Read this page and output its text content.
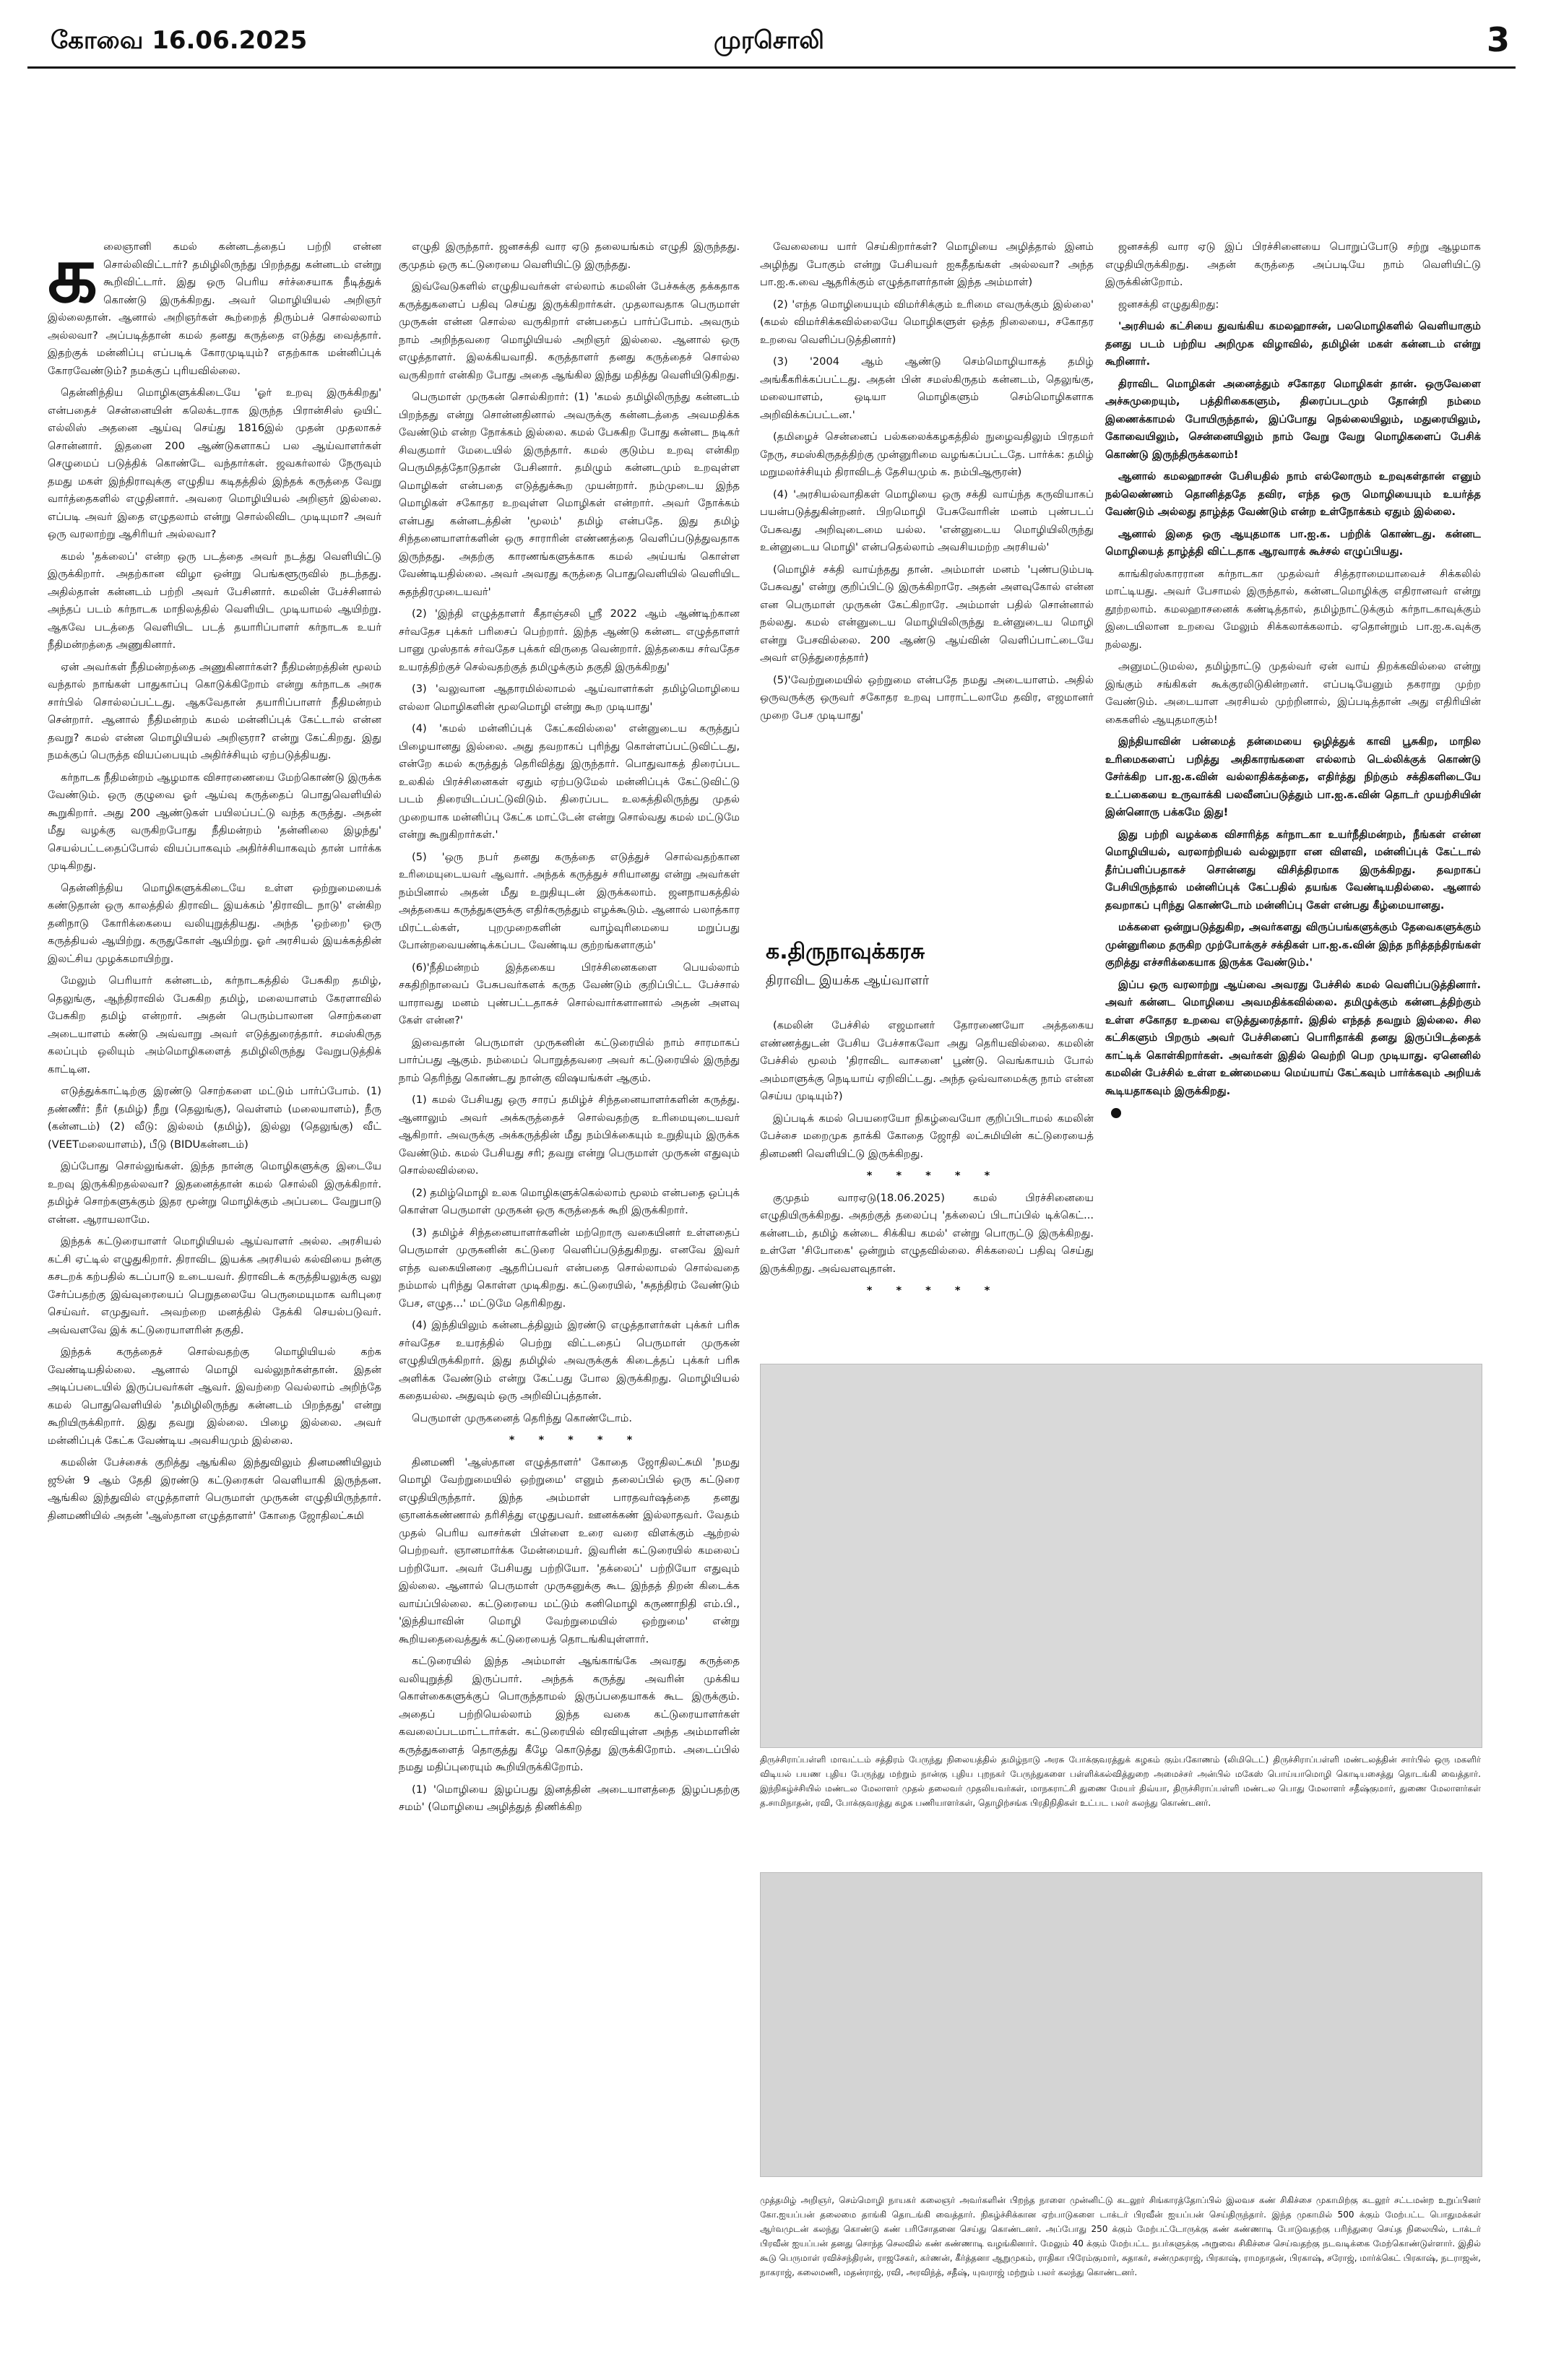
கோவை 16.06.2025	முரசொலி	3
க லைஞானி கமல் கன்னடத்தைப் பற்றி என்ன சொல்லிவிட்டார்? தமிழிலிருந்து பிறந்தது கன்னடம் என்று கூறிவிட்டார். இது ஒரு பெரிய சர்ச்சையாக நீடித்துக் கொண்டு இருக்கிறது. அவர் மொழியியல் அறிஞர் இல்லைதான். ஆனால் அறிஞர்கள் கூற்றைத் திரும்பச் சொல்லலாம் அல்லவா? அப்படித்தான் கமல் தனது கருத்தை எடுத்து வைத்தார். இதற்குக் மன்னிப்பு எப்படிக் கோரமுடியும்? எதற்காக மன்னிப்புக் கோரவேண்டும்? நமக்குப் புரியவில்லை.

தென்னிந்திய மொழிகளுக்கிடையே 'ஓர் உறவு இருக்கிறது' என்பதைச் சென்னையின் கலெக்டராக இருந்த பிரான்சிஸ் ஒயிட் எல்லிஸ் அதனை ஆய்வு செய்து 1816இல் முதன் முதலாகச் சொன்னார். இதனை 200 ஆண்டுகளாகப் பல ஆய்வாளர்கள் செழுமைப் படுத்திக் கொண்டே வந்தார்கள். ஜவகர்லால் நேருவும் தமது மகள் இந்திராவுக்கு எழுதிய கடிதத்தில் இந்தக் கருத்தை வேறு வார்த்தைகளில் எழுதினார். அவரை மொழியியல் அறிஞர் இல்லை. எப்படி அவர் இதை எழுதலாம் என்று சொல்லிவிட முடியுமா? அவர் ஒரு வரலாற்று ஆசிரியர் அல்லவா?

கமல் 'தக்லைப்' என்ற ஒரு படத்தை அவர் நடத்து வெளியிட்டு இருக்கிறார். அதற்கான விழா ஒன்று பெங்களூருவில் நடந்தது. அதில்தான் கன்னடம் பற்றி அவர் பேசினார். கமலின் பேச்சினால் அந்தப் படம் கர்நாடக மாநிலத்தில் வெளியிட முடியாமல் ஆயிற்று. ஆகவே படத்தை வெளியிட படத் தயாரிப்பாளர் கர்நாடக உயர் நீதிமன்றத்தை அணுகினார்.

ஏன் அவர்கள் நீதிமன்றத்தை அணுகினார்கள்? நீதிமன்றத்தின் மூலம் வந்தால் நாங்கள் பாதுகாப்பு கொடுக்கிறோம் என்று கர்நாடக அரசு சார்பில் சொல்லப்பட்டது. ஆகவேதான் தயாரிப்பாளர் நீதிமன்றம் சென்றார். ஆனால் நீதிமன்றம் கமல் மன்னிப்புக் கேட்டால் என்ன தவறு? கமல் என்ன மொழியியல் அறிஞரா? என்று கேட்கிறது. இது நமக்குப் பெருத்த வியப்பையும் அதிர்ச்சியும் ஏற்படுத்தியது.

கர்நாடக நீதிமன்றம் ஆழமாக விசாரணையை மேற்கொண்டு இருக்க வேண்டும். ஒரு குழுவை ஓர் ஆய்வு கருத்தைப் பொதுவெளியில் கூறுகிறார். அது 200 ஆண்டுகள் பயிலப்பட்டு வந்த கருத்து. அதன் மீது வழக்கு வருகிறபோது நீதிமன்றம் 'தன்னிலை இழந்து' செயல்பட்டதைப்போல் வியப்பாகவும் அதிர்ச்சியாகவும் தான் பார்க்க முடிகிறது.

தென்னிந்திய மொழிகளுக்கிடையே உள்ள ஒற்றுமையைக் கண்டுதான் ஒரு காலத்தில் திராவிட இயக்கம் 'திராவிட நாடு' என்கிற தனிநாடு கோரிக்கையை வலியுறுத்தியது. அந்த 'ஒற்றை' ஒரு கருத்தியல் ஆயிற்று. கருதுகோள் ஆயிற்று. ஓர் அரசியல் இயக்கத்தின் இலட்சிய முழக்கமாயிற்று.

மேலும் பெரியார் கன்னடம், கர்நாடகத்தில் பேசுகிற தமிழ், தெலுங்கு, ஆந்திராவில் பேசுகிற தமிழ், மலையாளம் கேரளாவில் பேசுகிற தமிழ் என்றார். அதன் பெரும்பாலான சொற்களை அடையாளம் கண்டு அவ்வாறு அவர் எடுத்துரைத்தார். சமஸ்கிருத கலப்பும் ஒலியும் அம்மொழிகளைத் தமிழிலிருந்து வேறுபடுத்திக் காட்டின.

எடுத்துக்காட்டிற்கு இரண்டு சொற்களை மட்டும் பார்ப்போம். (1) தண்ணீர்: நீர் (தமிழ்) நீறு (தெலுங்கு), வெள்ளம் (மலையாளம்), நீரு (கன்னடம்) (2) வீடு: இல்லம் (தமிழ்), இல்லு (தெலுங்கு) வீட் (VEETமலையாளம்), பீடு (BIDUகன்னடம்)

இப்போது சொல்லுங்கள். இந்த நான்கு மொழிகளுக்கு இடையே உறவு இருக்கிறதல்லவா? இதனைத்தான் கமல் சொல்லி இருக்கிறார். தமிழ்ச் சொற்களுக்கும் இதர மூன்று மொழிக்கும் அப்படை வேறுபாடு என்ன. ஆராயலாமே.

இந்தக் கட்டுரையாளர் மொழியியல் ஆய்வாளர் அல்ல. அரசியல் கட்சி ஏட்டில் எழுதுகிறார். திராவிட இயக்க அரசியல் கல்வியை நன்கு கசடறக் கற்பதில் கடப்பாடு உடையவர். திராவிடக் கருத்தியலுக்கு வலு சேர்ப்பதற்கு இவ்வுரையைப் பெறுதலையே பெருமையுமாக வரிபுரை செய்வர். எமுதுவர். அவற்றை மனத்தில் தேக்கி செயல்படுவர். அவ்வளவே இக் கட்டுரையாளரின் தகுதி.

இந்தக் கருத்தைச் சொல்வதற்கு மொழியியல் கற்க வேண்டியதில்லை. ஆனால் மொழி வல்லுநர்கள்தான். இதன் அடிப்படையில் இருப்பவர்கள் ஆவர். இவற்றை வெல்லாம் அறிந்தே கமல் பொதுவெளியில் 'தமிழிலிருந்து கன்னடம் பிறந்தது' என்று கூறியிருக்கிறார். இது தவறு இல்லை. பிழை இல்லை. அவர் மன்னிப்புக் கேட்க வேண்டிய அவசியமும் இல்லை.

கமலின் பேச்சைக் குறித்து ஆங்கில இந்துவிலும் தினமணியிலும் ஜூன் 9 ஆம் தேதி இரண்டு கட்டுரைகள் வெளியாகி இருந்தன. ஆங்கில இந்துவில் எழுத்தாளர் பெருமாள் முருகன் எழுதியிருந்தார். தினமணியில் அதன் 'ஆஸ்தான எழுத்தாளர்' கோதை ஜோதிலட்சுமி

எழுதி இருந்தார். ஜனசக்தி வார ஏடு தலையங்கம் எழுதி இருந்தது. குமுதம் ஒரு கட்டுரையை வெளியிட்டு இருந்தது.

இவ்வேடுகளில் எழுதியவர்கள் எல்லாம் கமலின் பேச்சுக்கு தக்கதாக கருத்துகளைப் பதிவு செய்து இருக்கிறார்கள். முதலாவதாக பெருமாள் முருகன் என்ன சொல்ல வருகிறார் என்பதைப் பார்ப்போம். அவரும் நாம் அறிந்தவரை மொழியியல் அறிஞர் இல்லை. ஆனால் ஒரு எழுத்தாளர். இலக்கியவாதி. கருத்தாளர் தனது கருத்தைச் சொல்ல வருகிறார் என்கிற போது அதை ஆங்கில இந்து மதித்து வெளியிடுகிறது.

பெருமாள் முருகன் சொல்கிறார்: (1) 'கமல் தமிழிலிருந்து கன்னடம் பிறந்தது என்று சொன்னதினால் அவருக்கு கன்னடத்தை அவமதிக்க வேண்டும் என்ற நோக்கம் இல்லை. கமல் பேசுகிற போது கன்னட நடிகர் சிவகுமார் மேடையில் இருந்தார். கமல் குடும்ப உறவு என்கிற பெருமிதத்தோடுதான் பேசினார். தமிழும் கன்னடமும் உறவுள்ள மொழிகள் என்பதை எடுத்துக்கூற முயன்றார். நம்முடைய இந்த மொழிகள் சகோதர உறவுள்ள மொழிகள் என்றார். அவர் நோக்கம் என்பது கன்னடத்தின் 'மூலம்' தமிழ் என்பதே. இது தமிழ் சிந்தனையாளர்களின் ஒரு சாராரின் எண்ணத்தை வெளிப்படுத்துவதாக இருந்தது. அதற்கு காரணங்களுக்காக கமல் அய்யங் கொள்ள வேண்டியதில்லை. அவர் அவரது கருத்தை பொதுவெளியில் வெளியிட சுதந்திரமுடையவர்'

(2) 'இந்தி எழுத்தாளர் கீதாஞ்சலி ஸ்ரீ 2022 ஆம் ஆண்டிற்கான சர்வதேச புக்கர் பரிசைப் பெற்றார். இந்த ஆண்டு கன்னட எழுத்தாளர் பானு முஸ்தாக் சர்வதேச புக்கர் விருதை வென்றார். இத்தகைய சர்வதேச உயரத்திற்குச் செல்வதற்குத் தமிழுக்கும் தகுதி இருக்கிறது'

(3) 'வலுவான ஆதாரமில்லாமல் ஆய்வாளர்கள் தமிழ்மொழியை எல்லா மொழிகளின் மூலமொழி என்று கூற முடியாது'

(4) 'கமல் மன்னிப்புக் கேட்கவில்லை' என்னுடைய கருத்துப் பிழையானது இல்லை. அது தவறாகப் புரிந்து கொள்ளப்பட்டுவிட்டது, என்றே கமல் கருத்துத் தெரிவித்து இருந்தார். பொதுவாகத் திரைப்பட உலகில் பிரச்சினைகள் ஏதும் ஏற்படுமேல் மன்னிப்புக் கேட்டுவிட்டு படம் திரையிடப்பட்டுவிடும். திரைப்பட உலகத்திலிருந்து முதல் முறையாக மன்னிப்பு கேட்க மாட்டேன் என்று சொல்வது கமல் மட்டுமே என்று கூறுகிறார்கள்.'

(5) 'ஒரு நபர் தனது கருத்தை எடுத்துச் சொல்வதற்கான உரிமையுடையவர் ஆவார். அந்தக் கருத்துச் சரியானது என்று அவர்கள் நம்பினால் அதன் மீது உறுதியுடன் இருக்கலாம். ஜனநாயகத்தில் அத்தகைய கருத்துகளுக்கு எதிர்கருத்தும் எழக்கூடும். ஆனால் பலாத்கார மிரட்டல்கள், புறமுறைகளின் வாழ்வுரிமையை மறுப்பது போன்றவையண்டிக்கப்பட வேண்டிய குற்றங்களாகும்'

(6)'நீதிமன்றம் இத்தகைய பிரச்சினைகளை பெயல்லாம் சகதிறிநாவைப் பேசுபவர்களக் கருத வேண்டும் குறிப்பிட்ட பேச்சால் யாராவது மனம் புண்பட்டதாகச் சொல்வார்களானால் அதன் அளவு கேள் என்ன?'

இவைதான் பெருமாள் முருகனின் கட்டுரையில் நாம் சாரமாகப் பார்ப்பது ஆகும். நம்மைப் பொறுத்தவரை அவர் கட்டுரையில் இருந்து நாம் தெரிந்து கொண்டது நான்கு விஷயங்கள் ஆகும்.

(1) கமல் பேசியது ஒரு சாரப் தமிழ்ச் சிந்தனையாளர்களின் கருத்து. ஆனாலும் அவர் அக்கருத்தைச் சொல்வதற்கு உரிமையுடையவர் ஆகிறார். அவருக்கு அக்கருத்தின் மீது நம்பிக்கையும் உறுதியும் இருக்க வேண்டும். கமல் பேசியது சரி; தவறு என்று பெருமாள் முருகன் எதுவும் சொல்லவில்லை.

(2) தமிழ்மொழி உலக மொழிகளுக்கெல்லாம் மூலம் என்பதை ஒப்புக் கொள்ள பெருமாள் முருகன் ஒரு கருத்தைக் கூறி இருக்கிறார்.

(3) தமிழ்ச் சிந்தனையாளர்களின் மற்றொரு வகையினர் உள்ளதைப் பெருமாள் முருகனின் கட்டுரை வெளிப்படுத்துகிறது. எனவே இவர் எந்த வகையினரை ஆதரிப்பவர் என்பதை சொல்லாமல் சொல்வதை நம்மால் புரிந்து கொள்ள முடிகிறது. கட்டுரையில், 'சுதந்திரம் வேண்டும் பேச, எழுத...' மட்டுமே தெரிகிறது.

(4) இந்தியிலும் கன்னடத்திலும் இரண்டு எழுத்தாளர்கள் புக்கர் பரிசு சர்வதேச உயரத்தில் பெற்று விட்டதைப் பெருமாள் முருகன் எழுதியிருக்கிறார். இது தமிழில் அவருக்குக் கிடைத்தப் புக்கர் பரிசு அளிக்க வேண்டும் என்று கேட்பது போல இருக்கிறது. மொழியியல் கதையல்ல. அதுவும் ஒரு அறிவிப்புத்தான்.

பெருமாள் முருகனைத் தெரிந்து கொண்டோம்.

* * * * *

தினமணி 'ஆஸ்தான எழுத்தாளர்' கோதை ஜோதிலட்சுமி 'நமது மொழி வேற்றுமையில் ஒற்றுமை' எனும் தலைப்பில் ஒரு கட்டுரை எழுதியிருந்தார். இந்த அம்மாள் பாரதவர்ஷத்தை தனது ஞானக்கண்ணால் தரிசித்து எழுதுபவர். ஊனக்கண் இல்லாதவர். வேதம் முதல் பெரிய வாசர்கள் பிள்ளை உரை வரை விளக்கும் ஆற்றல் பெற்றவர். ஞானமார்க்க மேன்மையர். இவரின் கட்டுரையில் கமலைப் பற்றியோ. அவர் பேசியது பற்றியோ. 'தக்லைப்' பற்றியோ எதுவும் இல்லை. ஆனால் பெருமாள் முருகனுக்கு கூட இந்தத் திறன் கிடைக்க வாய்ப்பில்லை. கட்டுரையை மட்டும் கனிமொழி கருணாநிதி எம்.பி., 'இந்தியாவின் மொழி வேற்றுமையில் ஒற்றுமை' என்று கூறியதைவைத்துக் கட்டுரையைத் தொடங்கியுள்ளார்.

கட்டுரையில் இந்த அம்மாள் ஆங்காங்கே அவரது கருத்தை வலியுறுத்தி இருப்பார். அந்தக் கருத்து அவரின் முக்கிய கொள்கைகளுக்குப் பொருந்தாமல் இருப்பதையாகக் கூட இருக்கும். அதைப் பற்றியெல்லாம் இந்த வகை கட்டுரையாளர்கள் கவலைப்படமாட்டார்கள். கட்டுரையில் விரவியுள்ள அந்த அம்மாளின் கருத்துகளைத் தொகுத்து கீழே கொடுத்து இருக்கிறோம். அடைப்பில் நமது மதிப்புரையும் கூறியிருக்கிறோம்.

(1) 'மொழியை இழப்பது இனத்தின் அடையாளத்தை இழப்பதற்கு சமம்' (மொழியை அழித்துத் திணிக்கிற

வேலையை யார் செய்கிறார்கள்? மொழியை அழித்தால் இனம் அழிந்து போகும் என்று பேசியவர் ஐகதீதங்கள் அல்லவா? அந்த பா.ஐ.க.வை ஆதரிக்கும் எழுத்தாளர்தான் இந்த அம்மாள்)

(2) 'எந்த மொழியையும் விமர்சிக்கும் உரிமை எவருக்கும் இல்லை' (கமல் விமர்சிக்கவில்லையே மொழிகளுள் ஒத்த நிலையை, சகோதர உறவை வெளிப்படுத்தினார்)

(3) '2004 ஆம் ஆண்டு செம்மொழியாகத் தமிழ் அங்கீகரிக்கப்பட்டது. அதன் பின் சமஸ்கிருதம் கன்னடம், தெலுங்கு, மலையாளம், ஒடியா மொழிகளும் செம்மொழிகளாக அறிவிக்கப்பட்டன.'

(தமிழைச் சென்னைப் பல்கலைக்கழகத்தில் நுழைவதிலும் பிரதமர் நேரு, சமஸ்கிருதத்திற்கு முன்னுரிமை வழங்கப்பட்டதே. பார்க்க: தமிழ் மறுமலர்ச்சியும் திராவிடத் தேசியமும் க. நம்பிஆரூரன்)

(4) 'அரசியல்வாதிகள் மொழியை ஒரு சக்தி வாய்ந்த கருவியாகப் பயன்படுத்துகின்றனர். பிறமொழி பேசுவோரின் மனம் புண்படப் பேசுவது அறிவுடைமை யல்ல. 'என்னுடைய மொழியிலிருந்து உன்னுடைய மொழி' என்பதெல்லாம் அவசியமற்ற அரசியல்'

(மொழிச் சக்தி வாய்ந்தது தான். அம்மாள் மனம் 'புண்படும்படி பேசுவது' என்று குறிப்பிட்டு இருக்கிறாரே. அதன் அளவுகோல் என்ன என பெருமாள் முருகன் கேட்கிறாரே. அம்மாள் பதில் சொன்னால் நல்லது. கமல் என்னுடைய மொழியிலிருந்து உன்னுடைய மொழி என்று பேசவில்லை. 200 ஆண்டு ஆய்வின் வெளிப்பாட்டையே அவர் எடுத்துரைத்தார்)

(5)'வேற்றுமையில் ஒற்றுமை என்பதே நமது அடையாளம். அதில் ஒருவருக்கு ஒருவர் சகோதர உறவு பாராட்டலாமே தவிர, எஜமானர் முறை பேச முடியாது'

க.திருநாவுக்கரசு
திராவிட இயக்க ஆய்வாளர்

(கமலின் பேச்சில் எஜமானர் தோரணையோ அத்தகைய எண்ணத்துடன் பேசிய பேச்சாகவோ அது தெரியவில்லை. கமலின் பேச்சில் மூலம் 'திராவிட வாசனை' பூண்டு. வெங்காயம் போல் அம்மாளுக்கு நெடியாய் ஏறிவிட்டது. அந்த ஒவ்வாமைக்கு நாம் என்ன செய்ய முடியும்?)

இப்படிக் கமல் பெயரையோ நிகழ்வையோ குறிப்பிடாமல் கமலின் பேச்சை மறைமுக தாக்கி கோதை ஜோதி லட்சுமியின் கட்டுரையைத் தினமணி வெளியிட்டு இருக்கிறது.

* * * * *

குமுதம் வாரஏடு(18.06.2025) கமல் பிரச்சினையை எழுதியிருக்கிறது. அதற்குத் தலைப்பு 'தக்லைப் பிடாப்பில் டிக்கெட்... கன்னடம், தமிழ் கன்டை சிக்கிய கமல்' என்று பொருட்டு இருக்கிறது. உள்ளே 'சிபோகை' ஒன்றும் எழுதவில்லை. சிக்கலைப் பதிவு செய்து இருக்கிறது. அவ்வளவுதான்.

* * * * *

ஜனசக்தி வார ஏடு இப் பிரச்சினையை பொறுப்போடு சற்று ஆழமாக எழுதியிருக்கிறது. அதன் கருத்தை அப்படியே நாம் வெளியிட்டு இருக்கின்றோம்.

ஜனசக்தி எழுதுகிறது:

'அரசியல் கட்சியை துவங்கிய கமலஹாசன், பலமொழிகளில் வெளியாகும் தனது படம் பற்றிய அறிமுக விழாவில், தமிழின் மகள் கன்னடம் என்று கூறினார்.

திராவிட மொழிகள் அனைத்தும் சகோதர மொழிகள் தான். ஒருவேளை அச்சுமுறையும், பத்திரிகைகளும், திரைப்படமும் தோன்றி நம்மை இணைக்காமல் போயிருந்தால், இப்போது நெல்லையிலும், மதுரையிலும், கோவையிலும், சென்னையிலும் நாம் வேறு வேறு மொழிகளைப் பேசிக் கொண்டு இருந்திருக்கலாம்!

ஆனால் கமலஹாசன் பேசியதில் நாம் எல்லோரும் உறவுகள்தான் எனும் நல்லெண்ணம் தொனித்ததே தவிர, எந்த ஒரு மொழியையும் உயர்த்த வேண்டும் அல்லது தாழ்த்த வேண்டும் என்ற உள்நோக்கம் ஏதும் இல்லை.

ஆனால் இதை ஒரு ஆயுதமாக பா.ஐ.க. பற்றிக் கொண்டது. கன்னட மொழியைத் தாழ்த்தி விட்டதாக ஆரவாரக் கூச்சல் எழுப்பியது.

காங்கிரஸ்காரரான கர்நாடகா முதல்வர் சித்தராமையாவைச் சிக்கலில் மாட்டியது. அவர் பேசாமல் இருந்தால், கன்னடமொழிக்கு எதிரானவர் என்று தூற்றலாம். கமலஹாசனைக் கண்டித்தால், தமிழ்நாட்டுக்கும் கர்நாடகாவுக்கும் இடையிலான உறவை மேலும் சிக்கலாக்கலாம். ஏதொன்றும் பா.ஐ.க.வுக்கு நல்லது.

அனுமட்டுமல்ல, தமிழ்நாட்டு முதல்வர் ஏன் வாய் திறக்கவில்லை என்று இங்கும் சங்கிகள் கூக்குரலிடுகின்றனர். எப்படியேனும் தகராறு முற்ற வேண்டும். அடையாள அரசியல் முற்றினால், இப்படித்தான் அது எதிரியின் கைகளில் ஆயுதமாகும்!

இந்தியாவின் பன்மைத் தன்மையை ஒழித்துக் காவி பூசுகிற, மாநில உரிமைகளைப் பறித்து அதிகாரங்களை எல்லாம் டெல்லிக்குக் கொண்டு சேர்க்கிற பா.ஐ.க.வின் வல்லாதிக்கத்தை, எதிர்த்து நிற்கும் சக்திகளிடையே உட்பகையை உருவாக்கி பலவீனப்படுத்தும் பா.ஐ.க.வின் தொடர் முயற்சியின் இன்னொரு பக்கமே இது!

இது பற்றி வழக்கை விசாரித்த கர்நாடகா உயர்நீதிமன்றம், நீங்கள் என்ன மொழியியல், வரலாற்றியல் வல்லுநரா என விளவி, மன்னிப்புக் கேட்டால் தீர்ப்பளிப்பதாகச் சொன்னது விசித்திரமாக இருக்கிறது. தவறாகப் பேசியிருந்தால் மன்னிப்புக் கேட்பதில் தயங்க வேண்டியதில்லை. ஆனால் தவறாகப் புரிந்து கொண்டோம் மன்னிப்பு கேள் என்பது கீழ்மையானது.

மக்களை ஒன்றுபடுத்துகிற, அவர்களது விருப்பங்களுக்கும் தேவைகளுக்கும் முன்னுரிமை தருகிற முற்போக்குச் சக்திகள் பா.ஐ.க.வின் இந்த நரித்தந்திரங்கள் குறித்து எச்சரிக்கையாக இருக்க வேண்டும்.'

இப்ப ஒரு வரலாற்று ஆய்வை அவரது பேச்சில் கமல் வெளிப்படுத்தினார். அவர் கன்னட மொழியை அவமதிக்கவில்லை. தமிழுக்கும் கன்னடத்திற்கும் உள்ள சகோதர உறவை எடுத்துரைத்தார். இதில் எந்தத் தவறும் இல்லை. சில கட்சிகளும் பிறரும் அவர் பேச்சினைப் பொரிதாக்கி தனது இருப்பிடத்தைக் காட்டிக் கொள்கிறார்கள். அவர்கள் இதில் வெற்றி பெற முடியாது. ஏனெனில் கமலின் பேச்சில் உள்ள உண்மையை மெய்யாய் கேட்கவும் பார்க்கவும் அறியக் கூடியதாகவும் இருக்கிறது.

திருச்சிராப்பள்ளி மாவட்டம் சத்திரம் பேருந்து நிலையத்தில் தமிழ்நாடு அரசு போக்குவரத்துக் கழகம் கும்பகோணம் (லிமிடெட்) திருச்சிராப்பள்ளி மண்டலத்தின் சார்பில் ஒரு மகளிர் விடியல் பயண புதிய பேருந்து மற்றும் நான்கு புதிய புறநகர் பேருந்துகளை பள்ளிக்கல்வித்துறை அமைச்சர் அன்பில் மகேஸ் பொய்யாமொழி கொடியசைத்து தொடங்கி வைத்தார். இந்நிகழ்ச்சியில் மண்டல மேலாளர் முதல் தலைவர் முதலியவர்கள், மாநகராட்சி துணை மேயர் திவ்யா, திருச்சிராப்பள்ளி மண்டல பொது மேலாளர் சதீஷ்குமார், துணை மேலாளர்கள் த.சாமிநாதன், ரவி, போக்குவரத்து கழக பணியாளர்கள், தொழிற்சங்க பிரதிநிதிகள் உட்பட பலர் கலந்து கொண்டனர்.
முத்தமிழ் அறிஞர், செம்மொழி நாயகர் கலைஞர் அவர்களின் பிறந்த நாளை முன்னிட்டு கடலூர் சிங்காரத்தோப்பில் இலவச கண் சிகிச்சை முகாமிற்கு கடலூர் சட்டமன்ற உறுப்பினர் கோ.ஐயப்பன் தலைமை தாங்கி தொடங்கி வைத்தார். நிகழ்ச்சிக்கான ஏற்பாடுகளை டாக்டர் பிரவீன் ஐயப்பன் செய்திருந்தார். இந்த முகாமில் 500 க்கும் மேற்பட்ட பொதுமக்கள் ஆர்வமுடன் கலந்து கொண்டு கண் பரிசோதனை செய்து கொண்டனர். அப்போது 250 க்கும் மேற்பட்டோருக்கு கண் கண்ணாடி போடுவதற்கு பரிந்துரை செய்த நிலையில், டாக்டர் பிரவீன் ஐயப்பன் தனது சொந்த செலவில் கண் கண்ணாடி வழங்கினார். மேலும் 40 க்கும் மேற்பட்ட நபர்களுக்கு அறுவை சிகிச்சை செய்வதற்கு நடவடிக்கை மேற்கொண்டுள்ளார். இதில் கூடு பெருமாள் ரவிச்சந்திரன், ராஜசேகர், கர்ணன், கீர்த்தனா ஆறுமுகம், ராதிகா பிரேம்குமார், சுதாகர், சண்முகராஜ், பிரகாஷ், ராமநாதன், பிரகாஷ், சரோஜ், மார்க்கெட் பிரகாஷ், நடராஜன், நாகராஜ், கலைமணி, மதன்ராஜ், ரவி, அரவிந்த், சதீஷ், யுவராஜ் மற்றும் பலர் கலந்து கொண்டனர்.
